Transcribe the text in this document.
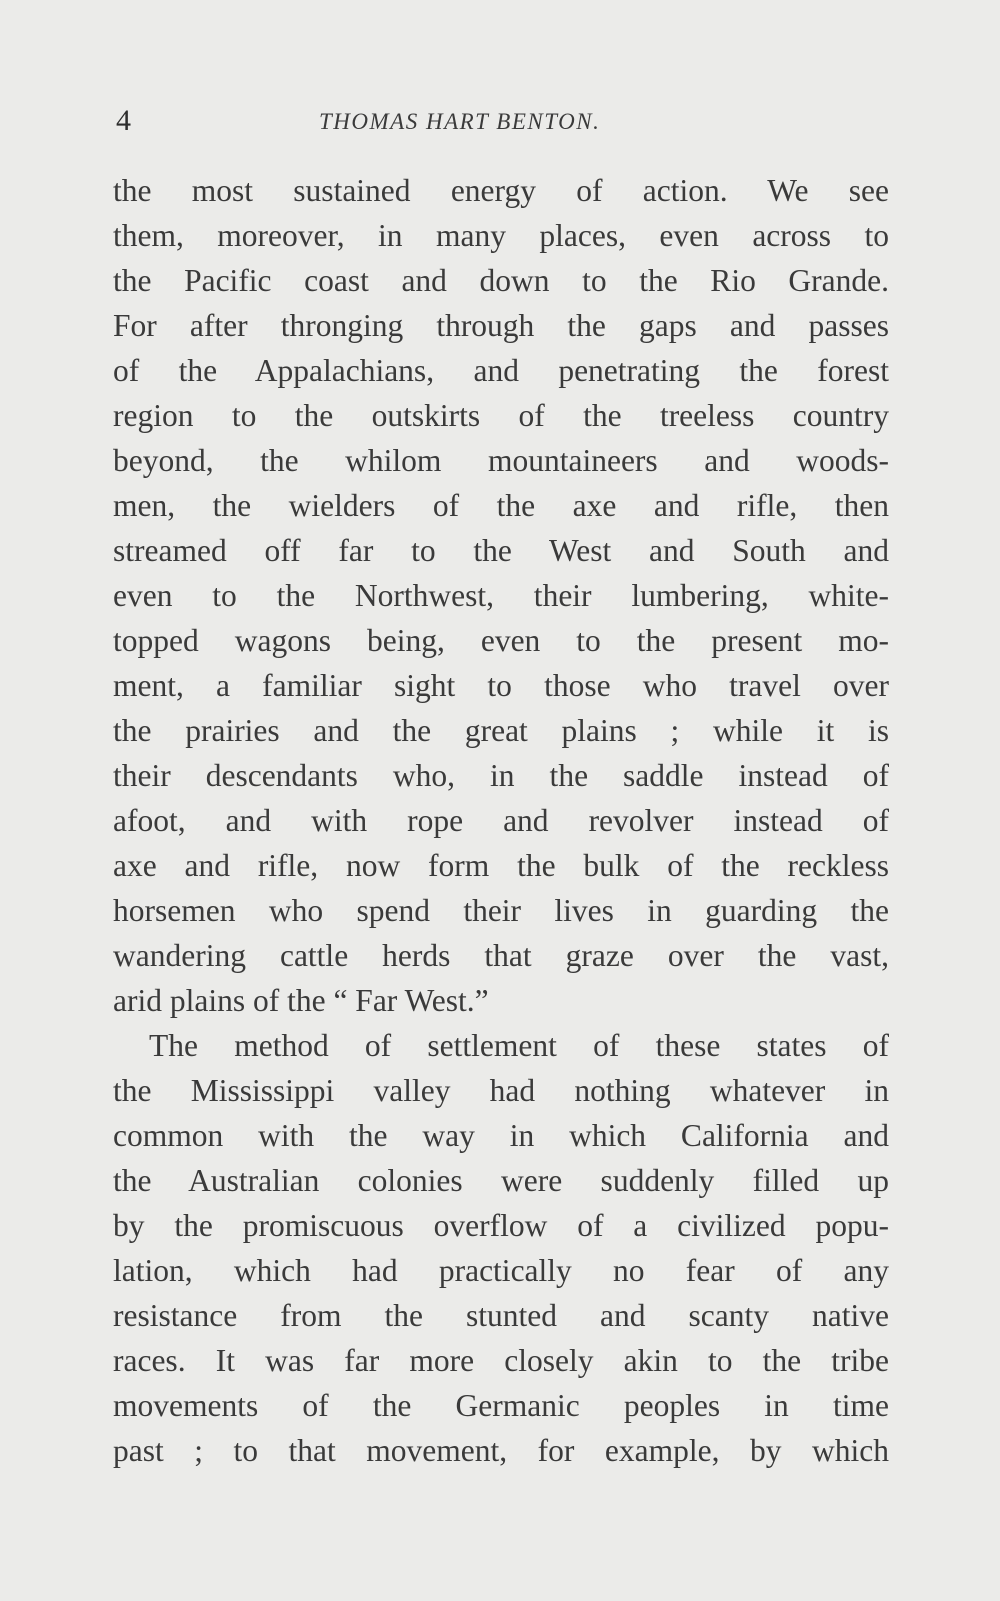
4	THOMAS HART BENTON.
the most sustained energy of action. We see
them, moreover, in many places, even across to
the Pacific coast and down to the Rio Grande.
For after thronging through the gaps and passes
of the Appalachians, and penetrating the forest
region to the outskirts of the treeless country
beyond, the whilom mountaineers and woods-
men, the wielders of the axe and rifle, then
streamed off far to the West and South and
even to the Northwest, their lumbering, white-
topped wagons being, even to the present mo-
ment, a familiar sight to those who travel over
the prairies and the great plains ; while it is
their descendants who, in the saddle instead of
afoot, and with rope and revolver instead of
axe and rifle, now form the bulk of the reckless
horsemen who spend their lives in guarding the
wandering cattle herds that graze over the vast,
arid plains of the “ Far West.”
The method of settlement of these states of
the Mississippi valley had nothing whatever in
common with the way in which California and
the Australian colonies were suddenly filled up
by the promiscuous overflow of a civilized popu-
lation, which had practically no fear of any
resistance from the stunted and scanty native
races. It was far more closely akin to the tribe
movements of the Germanic peoples in time
past ; to that movement, for example, by which
